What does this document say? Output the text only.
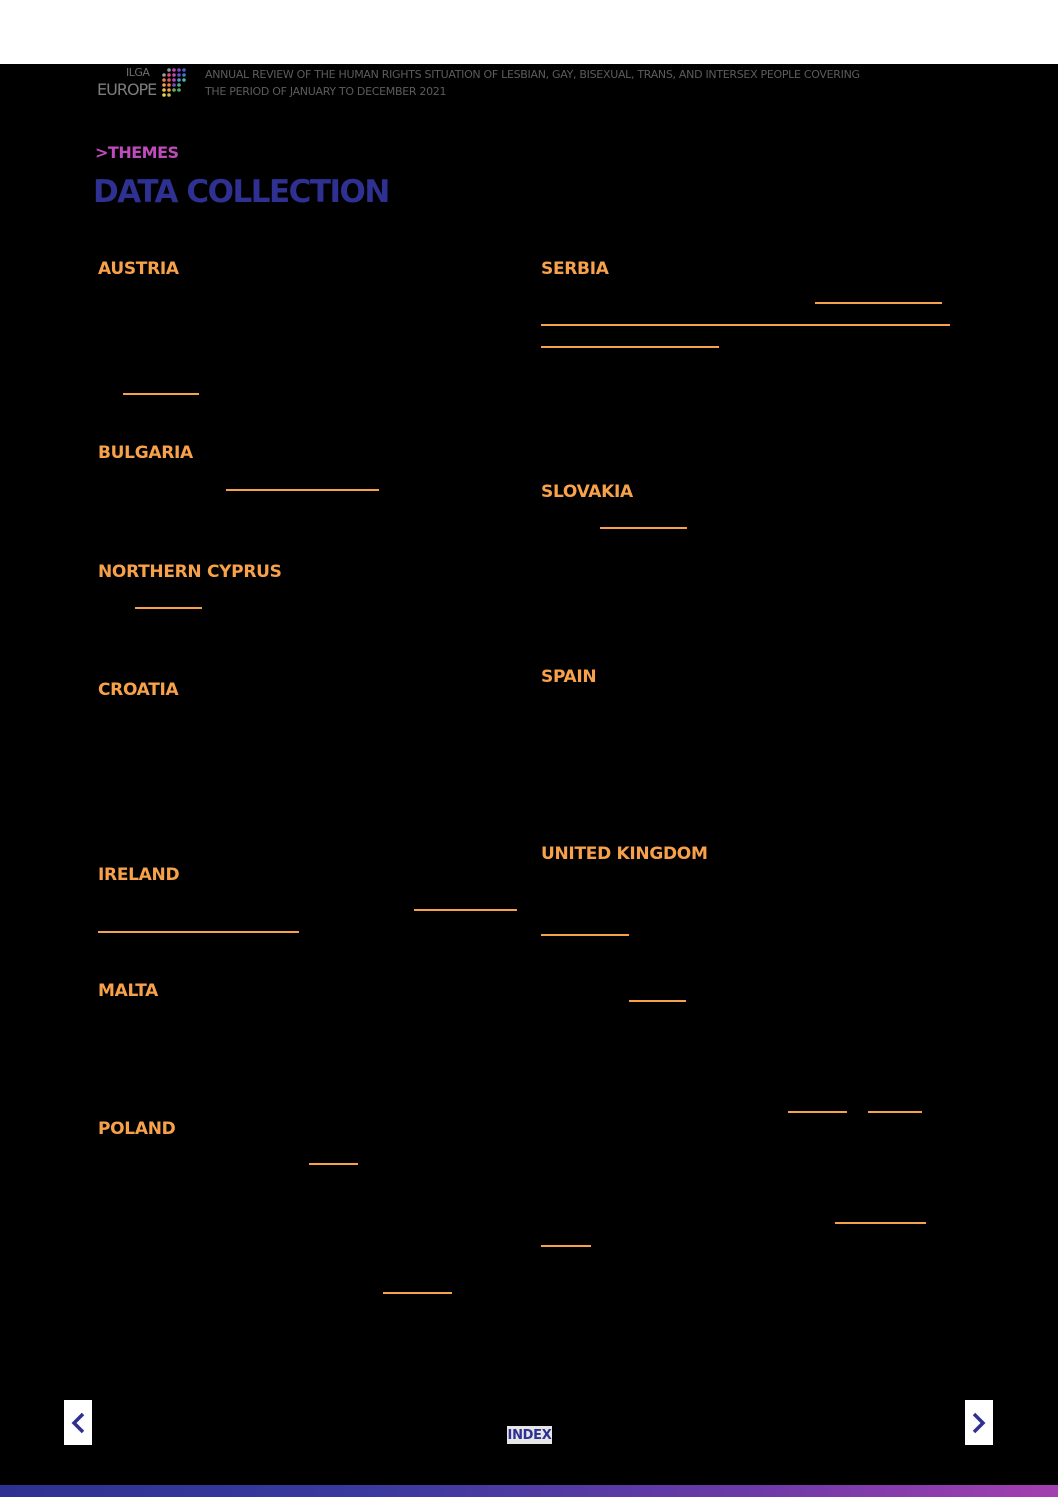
ILGA
EUROPE
ANNUAL REVIEW OF THE HUMAN RIGHTS SITUATION OF LESBIAN, GAY, BISEXUAL, TRANS, AND INTERSEX PEOPLE COVERING
THE PERIOD OF JANUARY TO DECEMBER 2021
>THEMES
DATA COLLECTION
AUSTRIA
BULGARIA
NORTHERN CYPRUS
CROATIA
IRELAND
MALTA
POLAND
SERBIA
SLOVAKIA
SPAIN
UNITED KINGDOM
INDEX
